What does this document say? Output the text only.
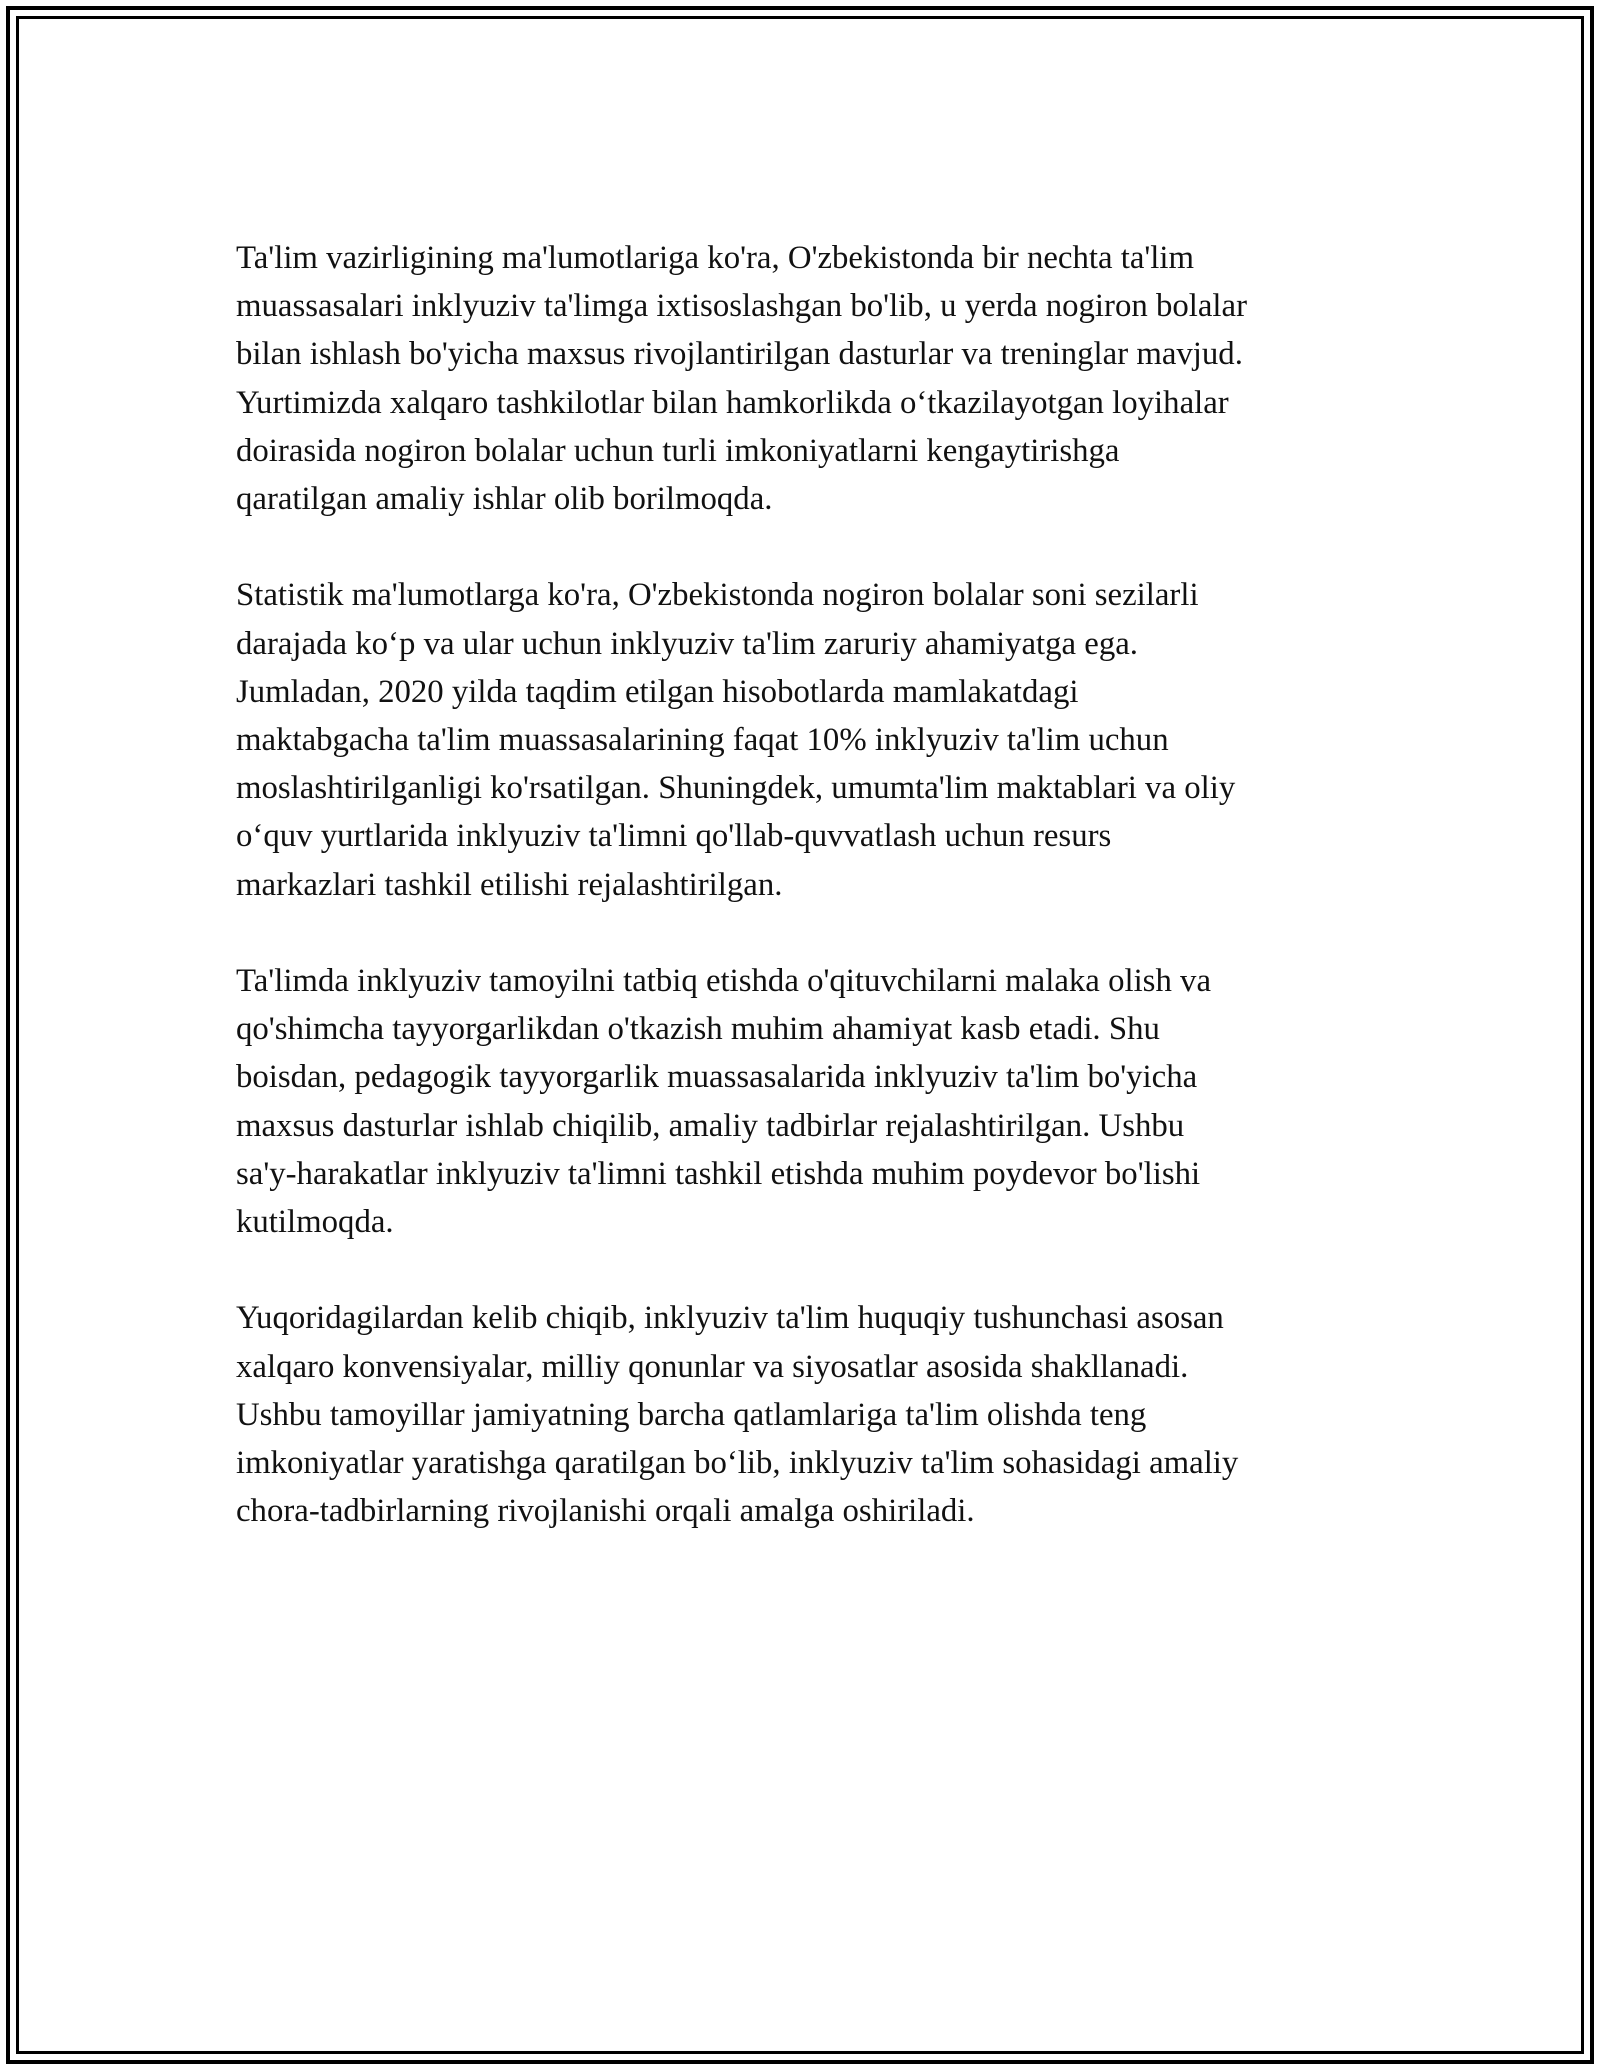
Ta'lim vazirligining ma'lumotlariga ko'ra, O'zbekistonda bir nechta ta'lim
muassasalari inklyuziv ta'limga ixtisoslashgan bo'lib, u yerda nogiron bolalar
bilan ishlash bo'yicha maxsus rivojlantirilgan dasturlar va treninglar mavjud.
Yurtimizda xalqaro tashkilotlar bilan hamkorlikda o‘tkazilayotgan loyihalar
doirasida nogiron bolalar uchun turli imkoniyatlarni kengaytirishga
qaratilgan amaliy ishlar olib borilmoqda.

Statistik ma'lumotlarga ko'ra, O'zbekistonda nogiron bolalar soni sezilarli
darajada ko‘p va ular uchun inklyuziv ta'lim zaruriy ahamiyatga ega.
Jumladan, 2020 yilda taqdim etilgan hisobotlarda mamlakatdagi
maktabgacha ta'lim muassasalarining faqat 10% inklyuziv ta'lim uchun
moslashtirilganligi ko'rsatilgan. Shuningdek, umumta'lim maktablari va oliy
o‘quv yurtlarida inklyuziv ta'limni qo'llab-quvvatlash uchun resurs
markazlari tashkil etilishi rejalashtirilgan.

Ta'limda inklyuziv tamoyilni tatbiq etishda o'qituvchilarni malaka olish va
qo'shimcha tayyorgarlikdan o'tkazish muhim ahamiyat kasb etadi. Shu
boisdan, pedagogik tayyorgarlik muassasalarida inklyuziv ta'lim bo'yicha
maxsus dasturlar ishlab chiqilib, amaliy tadbirlar rejalashtirilgan. Ushbu
sa'y-harakatlar inklyuziv ta'limni tashkil etishda muhim poydevor bo'lishi
kutilmoqda.

Yuqoridagilardan kelib chiqib, inklyuziv ta'lim huquqiy tushunchasi asosan
xalqaro konvensiyalar, milliy qonunlar va siyosatlar asosida shakllanadi.
Ushbu tamoyillar jamiyatning barcha qatlamlariga ta'lim olishda teng
imkoniyatlar yaratishga qaratilgan bo‘lib, inklyuziv ta'lim sohasidagi amaliy
chora-tadbirlarning rivojlanishi orqali amalga oshiriladi.
